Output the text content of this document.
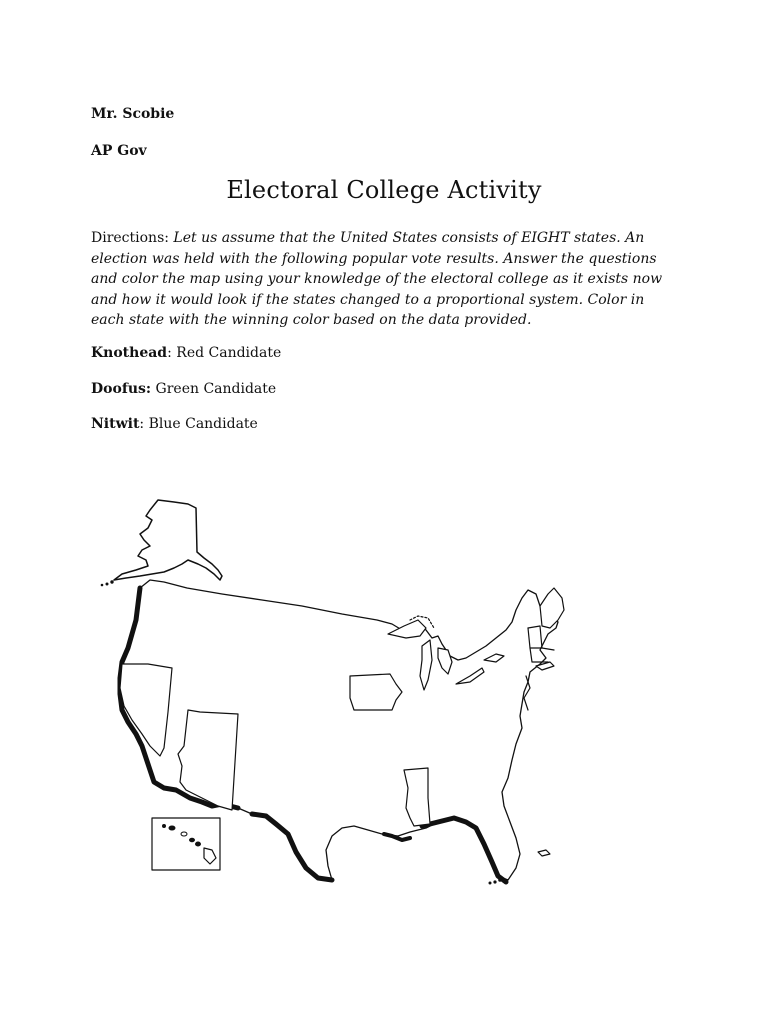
Mr. Scobie

AP Gov

Electoral College Activity

Directions: Let us assume that the United States consists of EIGHT states. An election was held with the following popular vote results. Answer the questions and color the map using your knowledge of the electoral college as it exists now and how it would look if the states changed to a proportional system. Color in each state with the winning color based on the data provided.

Knothead: Red Candidate

Doofus: Green Candidate

Nitwit: Blue Candidate
